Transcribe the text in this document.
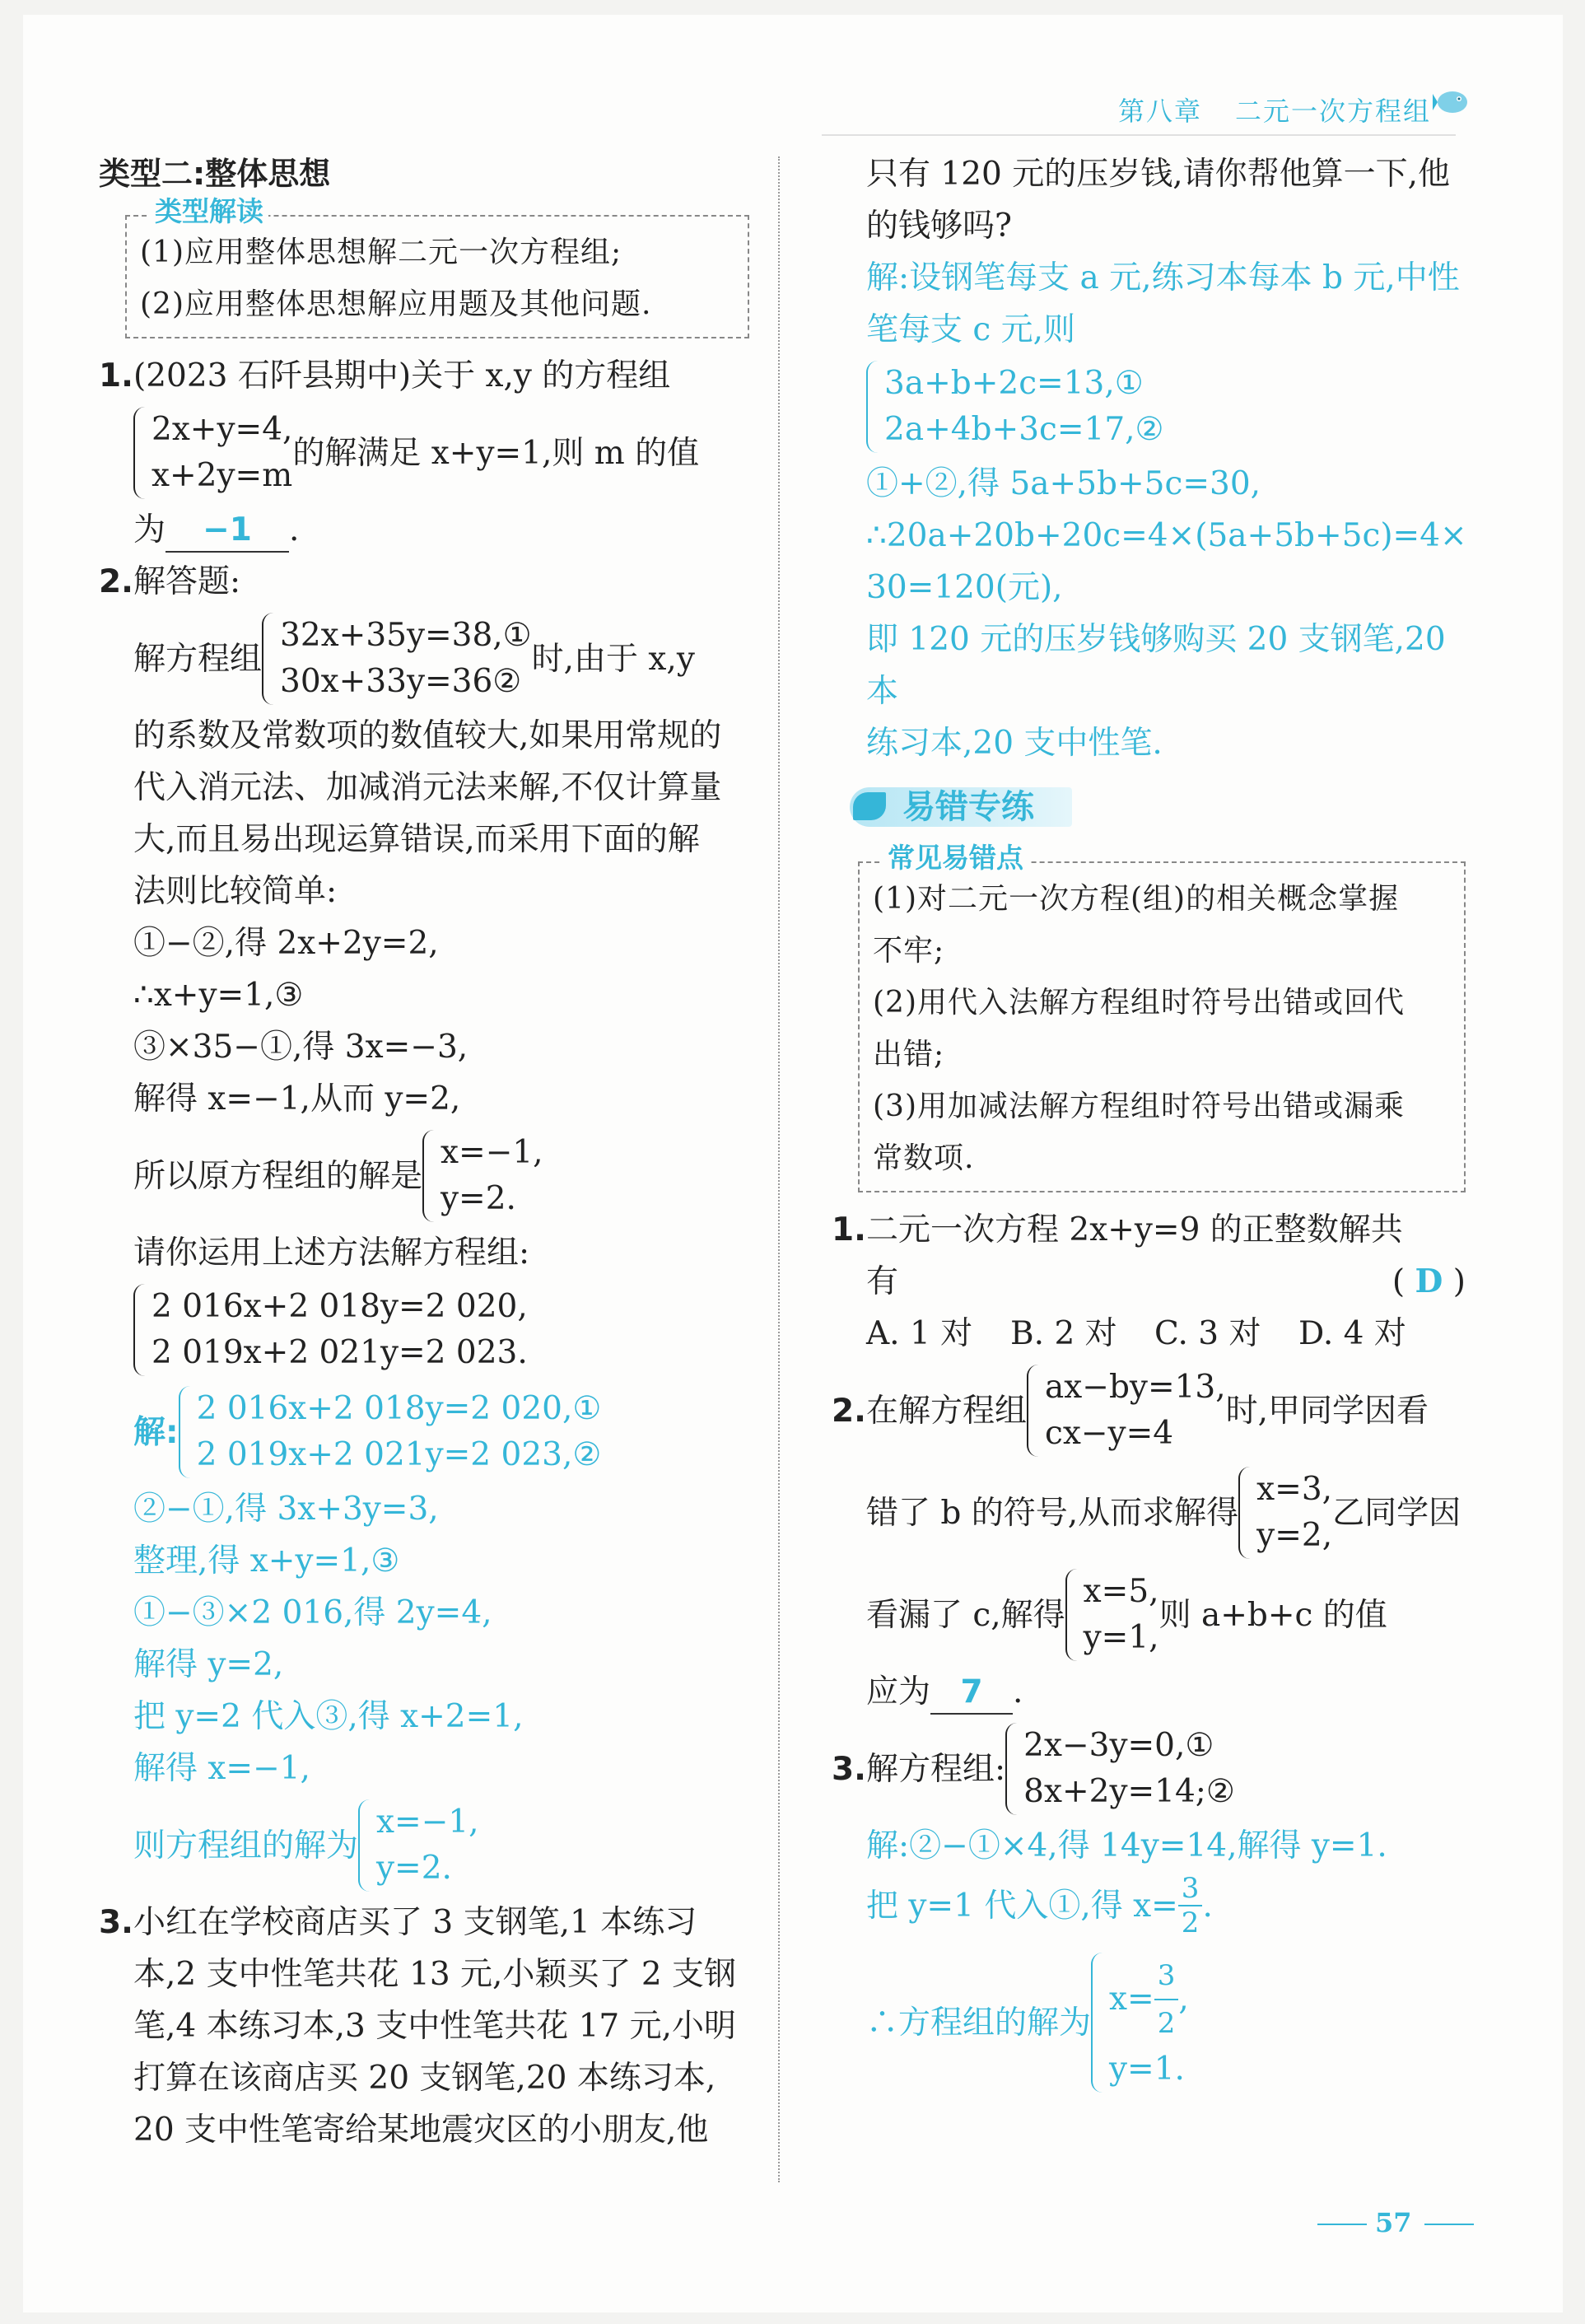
第八章 二元一次方程组

类型二:整体思想

类型解读

(1)应用整体思想解二元一次方程组;

(2)应用整体思想解应用题及其他问题.

1.(2023 石阡县期中)关于 x,y 的方程组

2x+y=4,
x+2y=m
的解满足 x+y=1,则 m 的值

为 −1 .

2.解答题:

解方程组
32x+35y=38,①
30x+33y=36②
时,由于 x,y

的系数及常数项的数值较大,如果用常规的

代入消元法、加减消元法来解,不仅计算量

大,而且易出现运算错误,而采用下面的解

法则比较简单:

①−②,得 2x+2y=2,

∴x+y=1,③

③×35−①,得 3x=−3,

解得 x=−1,从而 y=2,

所以原方程组的解是
x=−1,
y=2.

请你运用上述方法解方程组:

2 016x+2 018y=2 020,
2 019x+2 021y=2 023.
解:
2 016x+2 018y=2 020,①
2 019x+2 021y=2 023,②

②−①,得 3x+3y=3,

整理,得 x+y=1,③

①−③×2 016,得 2y=4,

解得 y=2,

把 y=2 代入③,得 x+2=1,

解得 x=−1,

则方程组的解为
x=−1,
y=2.

3.小红在学校商店买了 3 支钢笔,1 本练习

本,2 支中性笔共花 13 元,小颖买了 2 支钢

笔,4 本练习本,3 支中性笔共花 17 元,小明

打算在该商店买 20 支钢笔,20 本练习本,

20 支中性笔寄给某地震灾区的小朋友,他

只有 120 元的压岁钱,请你帮他算一下,他

的钱够吗?

解:设钢笔每支 a 元,练习本每本 b 元,中性

笔每支 c 元,则

3a+b+2c=13,①
2a+4b+3c=17,②

①+②,得 5a+5b+5c=30,

∴20a+20b+20c=4×(5a+5b+5c)=4×

30=120(元),

即 120 元的压岁钱够购买 20 支钢笔,20 本

练习本,20 支中性笔.

易错专练
常见易错点

(1)对二元一次方程(组)的相关概念掌握

不牢;

(2)用代入法解方程组时符号出错或回代

出错;

(3)用加减法解方程组时符号出错或漏乘

常数项.

1.二元一次方程 2x+y=9 的正整数解共

有	( D )

A. 1 对 B. 2 对 C. 3 对 D. 4 对

2. 在解方程组
ax−by=13,
cx−y=4
时,甲同学因看
错了 b 的符号,从而求解得
x=3,
y=2,
乙同学因
看漏了 c,解得
x=5,
y=1,
则 a+b+c 的值

应为 7 .

3. 解方程组:
2x−3y=0,①
8x+2y=14;②

解:②−①×4,得 14y=14,解得 y=1.

把 y=1 代入①,得 $x= \frac{3}{2}$ .
∴方程组的解为
$x= \frac{3}{2}$ ,
y=1.
57
